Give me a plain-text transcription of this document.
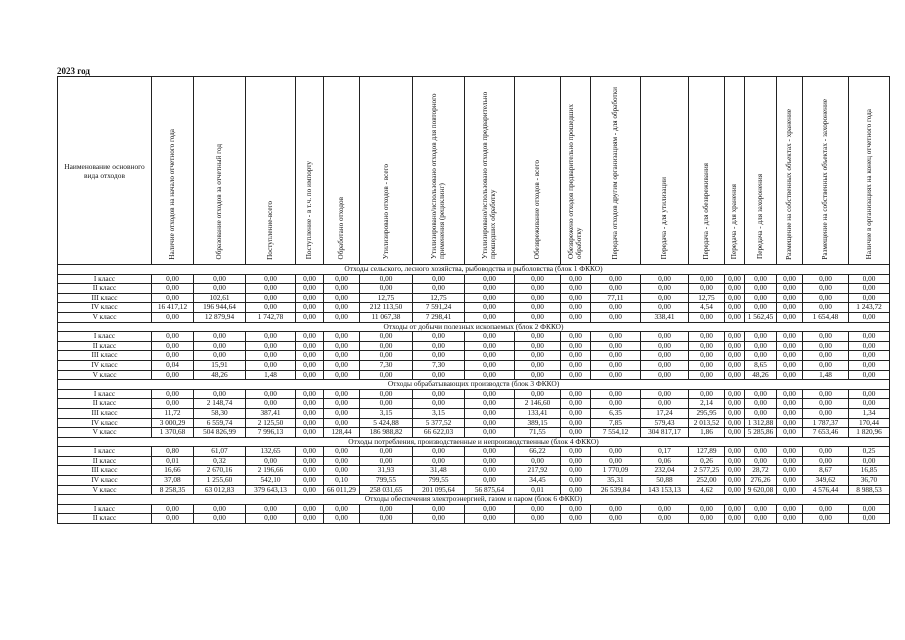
2023 год
Наименование основного вида отходов	Наличие отходов на начало отчетного года	Образование отходов за отчетный год	Поступление-всего	Поступление - в т.ч. по импорту	Обработано отходов	Утилизировано отходов - всего	Утилизировано/использовано отходов для повторного применения (рециклинг)	Утилизировано/использовано отходов предварительно прошедших обработку	Обезвреживание отходов - всего	Обезврежено отходов предварительно прошедших обработку	Передача отходов другим организациям - для обработки	Передача - для утилизации	Передача - для обезвреживания	Передача - для хранения	Передача - для захоронения	Размещение на собственных объектах - хранение	Размещение на собственных объектах - захоронение	Наличие в организациях на конец отчетного года
Отходы сельского, лесного хозяйства, рыбоводства и рыболовства (блок 1 ФККО)																		
I класс	0,00	0,00	0,00	0,00	0,00	0,00	0,00	0,00	0,00	0,00	0,00	0,00	0,00	0,00	0,00	0,00	0,00	0,00
II класс	0,00	0,00	0,00	0,00	0,00	0,00	0,00	0,00	0,00	0,00	0,00	0,00	0,00	0,00	0,00	0,00	0,00	0,00
III класс	0,00	102,61	0,00	0,00	0,00	12,75	12,75	0,00	0,00	0,00	77,11	0,00	12,75	0,00	0,00	0,00	0,00	0,00
IV класс	16 417,12	196 944,64	0,00	0,00	0,00	212 113,50	7 591,24	0,00	0,00	0,00	0,00	0,00	4,54	0,00	0,00	0,00	0,00	1 243,72
V класс	0,00	12 879,94	1 742,78	0,00	0,00	11 067,38	7 298,41	0,00	0,00	0,00	0,00	338,41	0,00	0,00	1 562,45	0,00	1 654,48	0,00
Отходы от добычи полезных ископаемых (блок 2 ФККО)																		
I класс	0,00	0,00	0,00	0,00	0,00	0,00	0,00	0,00	0,00	0,00	0,00	0,00	0,00	0,00	0,00	0,00	0,00	0,00
II класс	0,00	0,00	0,00	0,00	0,00	0,00	0,00	0,00	0,00	0,00	0,00	0,00	0,00	0,00	0,00	0,00	0,00	0,00
III класс	0,00	0,00	0,00	0,00	0,00	0,00	0,00	0,00	0,00	0,00	0,00	0,00	0,00	0,00	0,00	0,00	0,00	0,00
IV класс	0,04	15,91	0,00	0,00	0,00	7,30	7,30	0,00	0,00	0,00	0,00	0,00	0,00	0,00	8,65	0,00	0,00	0,00
V класс	0,00	48,26	1,48	0,00	0,00	0,00	0,00	0,00	0,00	0,00	0,00	0,00	0,00	0,00	48,26	0,00	1,48	0,00
Отходы обрабатывающих производств (блок 3 ФККО)																		
I класс	0,00	0,00	0,00	0,00	0,00	0,00	0,00	0,00	0,00	0,00	0,00	0,00	0,00	0,00	0,00	0,00	0,00	0,00
II класс	0,00	2 148,74	0,00	0,00	0,00	0,00	0,00	0,00	2 146,60	0,00	0,00	0,00	2,14	0,00	0,00	0,00	0,00	0,00
III класс	11,72	58,30	387,41	0,00	0,00	3,15	3,15	0,00	133,41	0,00	6,35	17,24	295,95	0,00	0,00	0,00	0,00	1,34
IV класс	3 000,29	6 559,74	2 125,50	0,00	0,00	5 424,88	5 377,52	0,00	389,15	0,00	7,85	579,43	2 013,52	0,00	1 312,88	0,00	1 787,37	170,44
V класс	1 370,68	504 826,99	7 996,13	0,00	128,44	186 988,82	66 622,03	0,00	71,55	0,00	7 554,12	304 817,17	1,86	0,00	5 285,86	0,00	7 653,46	1 820,96
Отходы потребления, производственные и непроизводственные (блок 4 ФККО)																		
I класс	0,80	61,07	132,65	0,00	0,00	0,00	0,00	0,00	66,22	0,00	0,00	0,17	127,89	0,00	0,00	0,00	0,00	0,25
II класс	0,01	0,32	0,00	0,00	0,00	0,00	0,00	0,00	0,00	0,00	0,00	0,06	0,26	0,00	0,00	0,00	0,00	0,00
III класс	16,66	2 670,16	2 196,66	0,00	0,00	31,93	31,48	0,00	217,92	0,00	1 770,09	232,04	2 577,25	0,00	28,72	0,00	8,67	16,85
IV класс	37,08	1 255,60	542,10	0,00	0,10	799,55	799,55	0,00	34,45	0,00	35,31	50,88	252,00	0,00	276,26	0,00	349,62	36,70
V класс	8 258,35	63 012,83	379 643,13	0,00	66 011,29	258 031,65	201 095,64	56 875,64	0,01	0,00	26 539,84	143 153,13	4,62	0,00	9 620,08	0,00	4 576,44	8 988,53
Отходы обеспечения электроэнергией, газом и паром (блок 6 ФККО)																		
I класс	0,00	0,00	0,00	0,00	0,00	0,00	0,00	0,00	0,00	0,00	0,00	0,00	0,00	0,00	0,00	0,00	0,00	0,00
II класс	0,00	0,00	0,00	0,00	0,00	0,00	0,00	0,00	0,00	0,00	0,00	0,00	0,00	0,00	0,00	0,00	0,00	0,00
